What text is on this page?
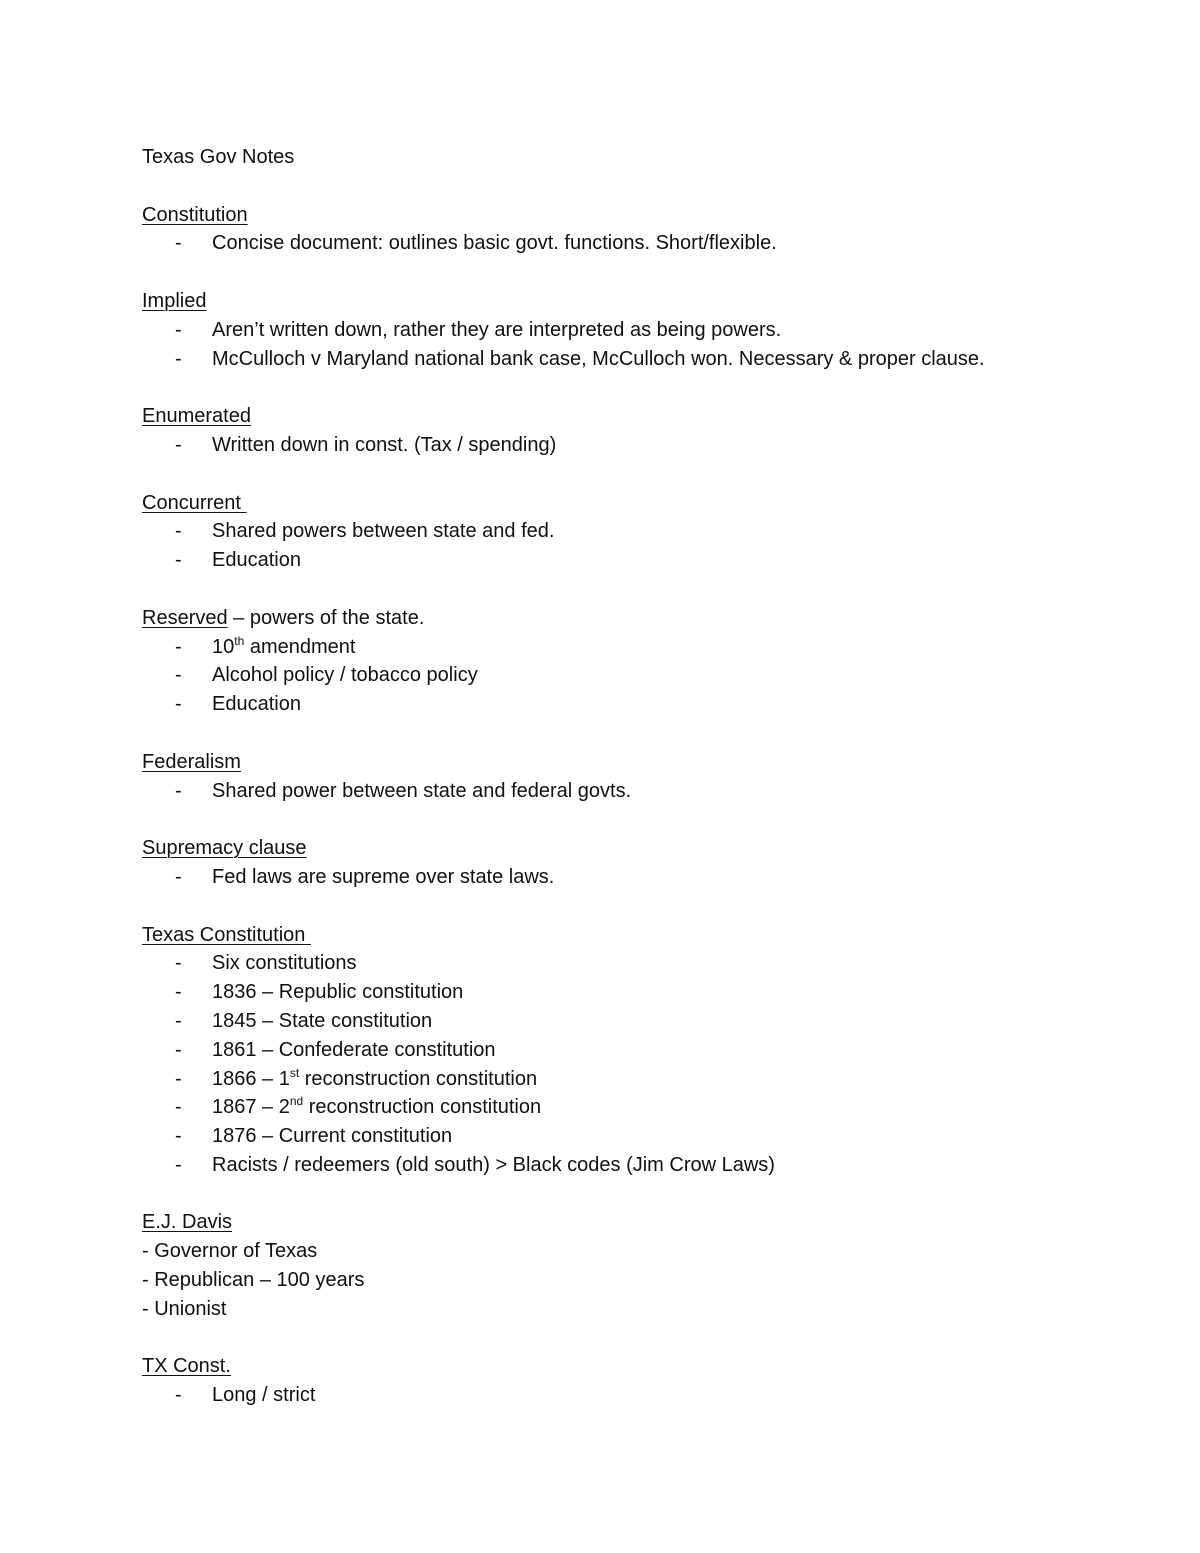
Texas Gov Notes
Constitution
- Concise document: outlines basic govt. functions. Short/flexible.
Implied
- Aren’t written down, rather they are interpreted as being powers.
- McCulloch v Maryland national bank case, McCulloch won. Necessary & proper clause.
Enumerated
- Written down in const. (Tax / spending)
Concurrent
- Shared powers between state and fed.
- Education
Reserved – powers of the state.
- 10th amendment
- Alcohol policy / tobacco policy
- Education
Federalism
- Shared power between state and federal govts.
Supremacy clause
- Fed laws are supreme over state laws.
Texas Constitution
- Six constitutions
- 1836 – Republic constitution
- 1845 – State constitution
- 1861 – Confederate constitution
- 1866 – 1st reconstruction constitution
- 1867 – 2nd reconstruction constitution
- 1876 – Current constitution
- Racists / redeemers (old south) > Black codes (Jim Crow Laws)
E.J. Davis
- Governor of Texas
- Republican – 100 years
- Unionist
TX Const.
- Long / strict
